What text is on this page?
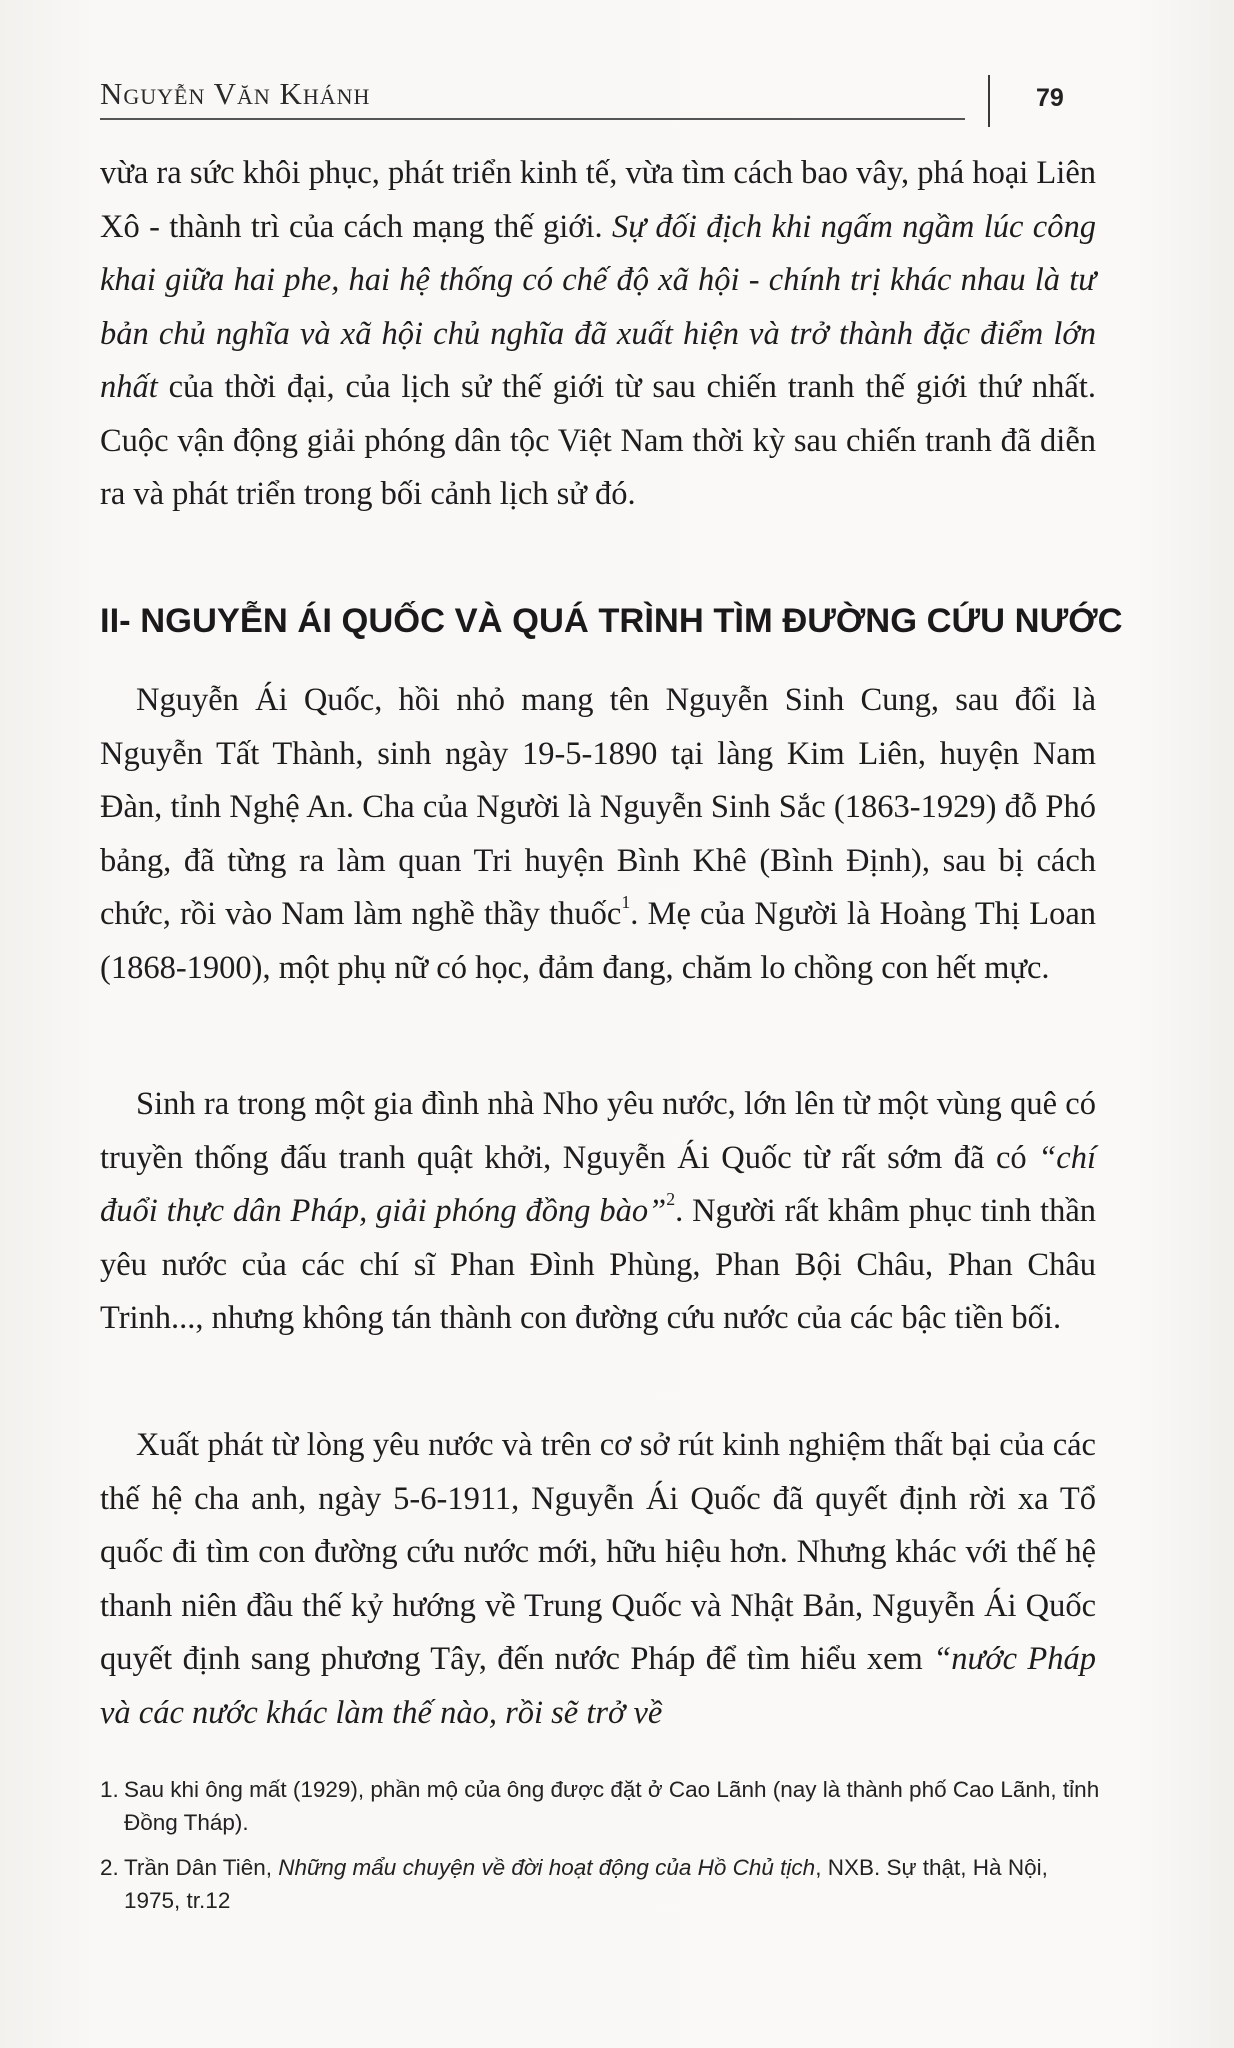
Nguyễn Văn Khánh	79

vừa ra sức khôi phục, phát triển kinh tế, vừa tìm cách bao vây, phá hoại Liên Xô - thành trì của cách mạng thế giới. Sự đối địch khi ngấm ngầm lúc công khai giữa hai phe, hai hệ thống có chế độ xã hội - chính trị khác nhau là tư bản chủ nghĩa và xã hội chủ nghĩa đã xuất hiện và trở thành đặc điểm lớn nhất của thời đại, của lịch sử thế giới từ sau chiến tranh thế giới thứ nhất. Cuộc vận động giải phóng dân tộc Việt Nam thời kỳ sau chiến tranh đã diễn ra và phát triển trong bối cảnh lịch sử đó.

II- NGUYỄN ÁI QUỐC VÀ QUÁ TRÌNH TÌM ĐƯỜNG CỨU NƯỚC

Nguyễn Ái Quốc, hồi nhỏ mang tên Nguyễn Sinh Cung, sau đổi là Nguyễn Tất Thành, sinh ngày 19-5-1890 tại làng Kim Liên, huyện Nam Đàn, tỉnh Nghệ An. Cha của Người là Nguyễn Sinh Sắc (1863-1929) đỗ Phó bảng, đã từng ra làm quan Tri huyện Bình Khê (Bình Định), sau bị cách chức, rồi vào Nam làm nghề thầy thuốc$^1$. Mẹ của Người là Hoàng Thị Loan (1868-1900), một phụ nữ có học, đảm đang, chăm lo chồng con hết mực.

Sinh ra trong một gia đình nhà Nho yêu nước, lớn lên từ một vùng quê có truyền thống đấu tranh quật khởi, Nguyễn Ái Quốc từ rất sớm đã có “chí đuổi thực dân Pháp, giải phóng đồng bào”$^2$. Người rất khâm phục tinh thần yêu nước của các chí sĩ Phan Đình Phùng, Phan Bội Châu, Phan Châu Trinh..., nhưng không tán thành con đường cứu nước của các bậc tiền bối.

Xuất phát từ lòng yêu nước và trên cơ sở rút kinh nghiệm thất bại của các thế hệ cha anh, ngày 5-6-1911, Nguyễn Ái Quốc đã quyết định rời xa Tổ quốc đi tìm con đường cứu nước mới, hữu hiệu hơn. Nhưng khác với thế hệ thanh niên đầu thế kỷ hướng về Trung Quốc và Nhật Bản, Nguyễn Ái Quốc quyết định sang phương Tây, đến nước Pháp để tìm hiểu xem “nước Pháp và các nước khác làm thế nào, rồi sẽ trở về

1. Sau khi ông mất (1929), phần mộ của ông được đặt ở Cao Lãnh (nay là thành phố Cao Lãnh, tỉnh Đồng Tháp).
2. Trần Dân Tiên, Những mẩu chuyện về đời hoạt động của Hồ Chủ tịch, NXB. Sự thật, Hà Nội, 1975, tr.12
